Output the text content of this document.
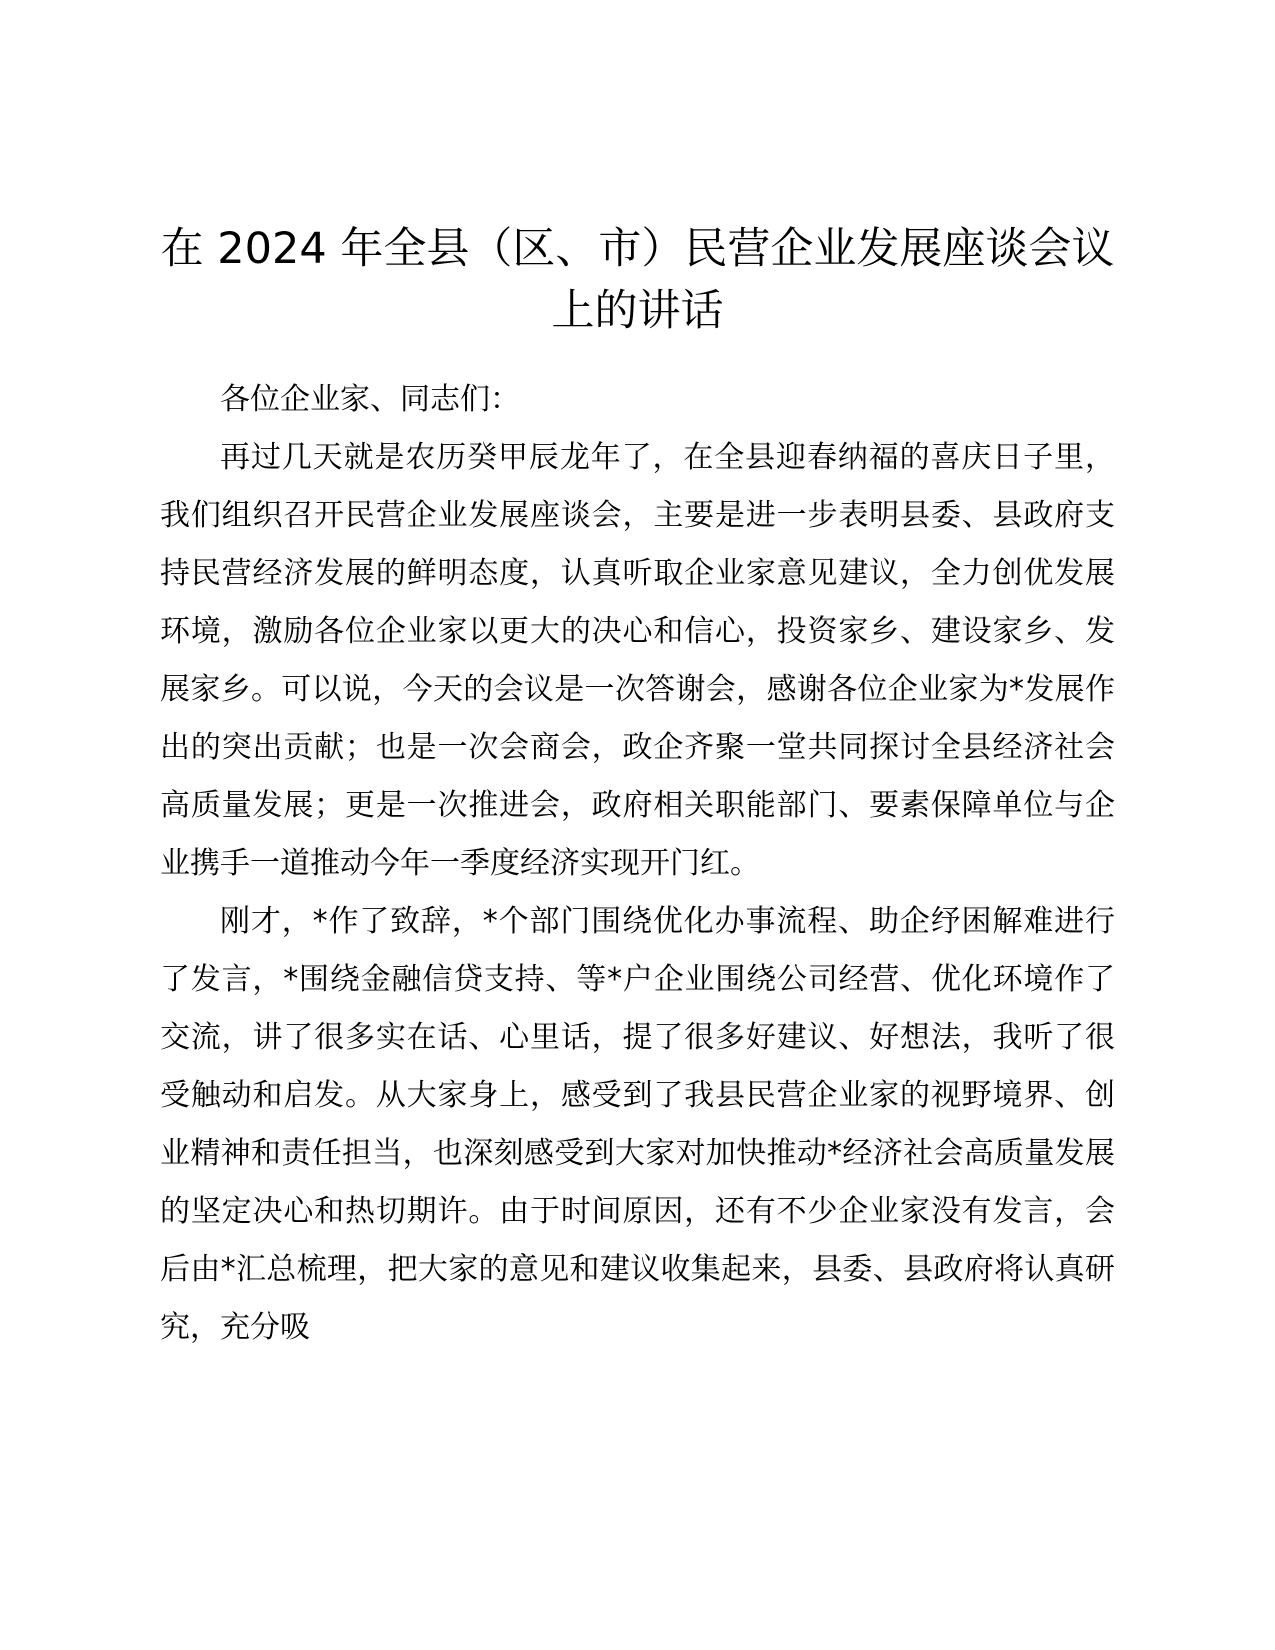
在 2024 年全县（区、市）民营企业发展座谈会议上的讲话

各位企业家、同志们：

再过几天就是农历癸甲辰龙年了，在全县迎春纳福的喜庆日子里，我们组织召开民营企业发展座谈会，主要是进一步表明县委、县政府支持民营经济发展的鲜明态度，认真听取企业家意见建议，全力创优发展环境，激励各位企业家以更大的决心和信心，投资家乡、建设家乡、发展家乡。可以说，今天的会议是一次答谢会，感谢各位企业家为*发展作出的突出贡献；也是一次会商会，政企齐聚一堂共同探讨全县经济社会高质量发展；更是一次推进会，政府相关职能部门、要素保障单位与企业携手一道推动今年一季度经济实现开门红。

刚才，*作了致辞，*个部门围绕优化办事流程、助企纾困解难进行了发言，*围绕金融信贷支持、等*户企业围绕公司经营、优化环境作了交流，讲了很多实在话、心里话，提了很多好建议、好想法，我听了很受触动和启发。从大家身上，感受到了我县民营企业家的视野境界、创业精神和责任担当，也深刻感受到大家对加快推动*经济社会高质量发展的坚定决心和热切期许。由于时间原因，还有不少企业家没有发言，会后由*汇总梳理，把大家的意见和建议收集起来，县委、县政府将认真研究，充分吸
